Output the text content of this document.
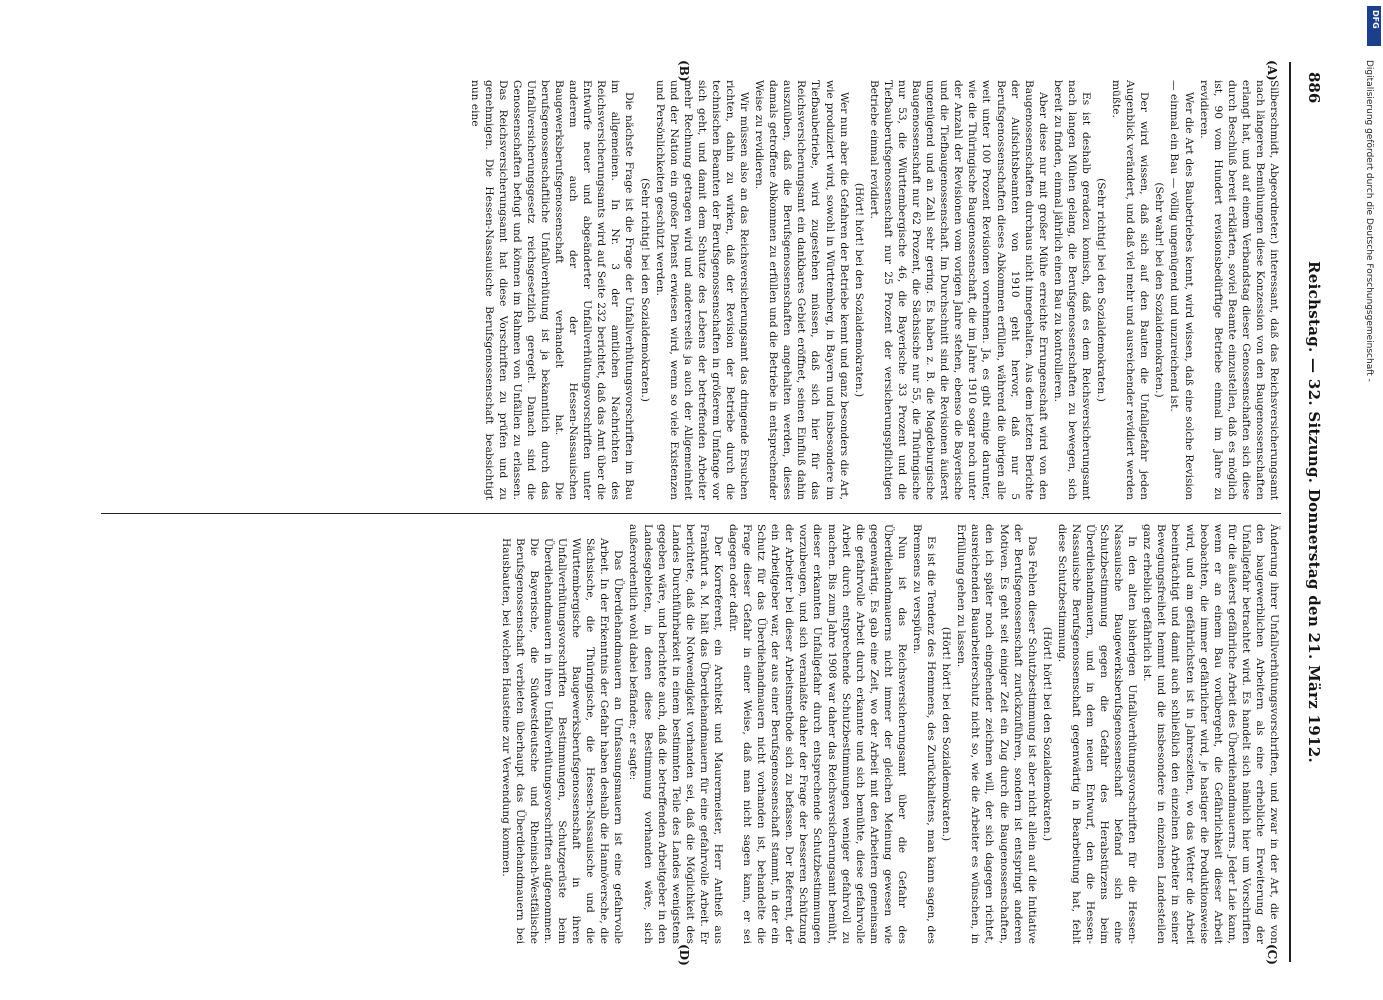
886
Reichstag. — 32. Sitzung. Donnerstag den 21. März 1912.
(A)
(B)
(C)
(D)

Silberschmidt, Abgeordneter.) interessant, daß das Reichsversicherungsamt nach längeren Bemühungen diese Konzession von den Baugenossenschaften erlangt hat, und auf einem Verbandstag dieser Genossenschaften sich diese durch Beschluß bereit erklärten, soviel Beamte einzustellen, daß es möglich ist, 90 vom Hundert revisionsbedürftige Betriebe einmal im Jahre zu revidieren.

Wer die Art des Baubetriebes kennt, wird wissen, daß eine solche Revision — einmal ein Bau — völlig ungenügend und unzureichend ist.

(Sehr wahr! bei den Sozialdemokraten.)

Der wird wissen, daß sich auf den Bauten die Unfallgefahr jeden Augenblick verändert, und daß viel mehr und ausreichender revidiert werden müßte.

(Sehr richtig! bei den Sozialdemokraten.)

Es ist deshalb geradezu komisch, daß es dem Reichsversicherungsamt nach langen Mühen gelang, die Berufsgenossenschaften zu bewegen, sich bereit zu finden, einmal jährlich einen Bau zu kontrollieren.

Aber diese nur mit großer Mühe erreichte Errungenschaft wird von den Baugenossenschaften durchaus nicht innegehalten. Aus dem letzten Berichte der Aufsichtsbeamten von 1910 geht hervor, daß nur 5 Berufsgenossenschaften dieses Abkommen erfüllen, während die übrigen alle weit unter 100 Prozent Revisionen vornehmen. Ja, es gibt einige darunter, wie die Thüringische Baugenossenschaft, die im Jahre 1910 sogar noch unter der Anzahl der Revisionen vom vorigen Jahre stehen, ebenso die Bayerische und die Tiefbaugenossenschaft. Im Durchschnitt sind die Revisionen äußerst ungenügend und an Zahl sehr gering. Es haben z. B. die Magdeburgische Baugenossenschaft nur 62 Prozent, die Sächsische nur 55, die Thüringische nur 53, die Württembergische 46, die Bayerische 33 Prozent und die Tiefbauberufsgenossenschaft nur 25 Prozent der versicherungspflichtigen Betriebe einmal revidiert.

(Hört! hört! bei den Sozialdemokraten.)

Wer nun aber die Gefahren der Betriebe kennt und ganz besonders die Art, wie produziert wird, sowohl in Württemberg, in Bayern und insbesondere im Tiefbaubetriebe, wird zugestehen müssen, daß sich hier für das Reichsversicherungsamt ein dankbares Gebiet eröffnet, seinen Einfluß dahin auszuüben, daß die Berufsgenossenschaften angehalten werden, dieses damals getroffene Abkommen zu erfüllen und die Betriebe in entsprechender Weise zu revidieren.

Wir müssen also an das Reichsversicherungsamt das dringende Ersuchen richten, dahin zu wirken, daß der Revision der Betriebe durch die technischen Beamten der Berufsgenossenschaften in größerem Umfange vor sich geht, und damit dem Schutze des Lebens der betreffenden Arbeiter mehr Rechnung getragen wird und andererseits ja auch der Allgemeinheit und der Nation ein großer Dienst erwiesen wird, wenn so viele Existenzen und Persönlichkeiten geschützt werden.

(Sehr richtig! bei den Sozialdemokraten.)

Die nächste Frage ist die Frage der Unfallverhütungsvorschriften im Bau im allgemeinen. In Nr. 3 der amtlichen Nachrichten des Reichsversicherungsamts wird auf Seite 232 berichtet, daß das Amt über die Entwürfe neuer und abgeänderter Unfallverhütungsvorschriften unter anderem auch der der Hessen-Nassauischen Baugewerksberufsgenossenschaft verhandelt hat. Die berufsgenossenschaftliche Unfallverhütung ist ja bekanntlich durch das Unfallversicherungsgesetz reichsgesetzlich geregelt. Danach sind die Genossenschaften befugt und können im Rahmen von Unfällen zu erlassen. Das Reichsversicherungsamt hat diese Vorschriften zu prüfen und zu genehmigen. Die Hessen-Nassauische Berufsgenossenschaft beabsichtigt nun eine

Änderung ihrer Unfallverhütungsvorschriften, und zwar in der Art, die von den baugewerblichen Arbeitern als eine erhebliche Erweiterung der Unfallgefahr betrachtet wird. Es handelt sich nämlich hier um Vorschriften für die äußerst gefährliche Arbeit des Überdiehandmauerns. Jeder Laie kann, wenn er an einem Bau vorübergeht, die Gefährlichkeit dieser Arbeit beobachten, die immer gefährlicher wird, je hastiger die Produktionsweise wird, und am gefährlichsten ist in Jahreszeiten, wo das Wetter die Arbeit beeinträchtigt und damit auch schließlich den einzelnen Arbeiter in seiner Bewegungsfreiheit hemmt und die insbesondere in einzelnen Landesteilen ganz erheblich gefährlich ist.

In den alten bisherigen Unfallverhütungsvorschriften für die Hessen-Nassauische Baugewerksberufsgenossenschaft befand sich eine Schutzbestimmung gegen die Gefahr des Herabstürzens beim Überdiehandmauern, und in dem neuen Entwurf, den die Hessen-Nassauische Berufsgenossenschaft gegenwärtig in Bearbeitung hat, fehlt diese Schutzbestimmung.

(Hört! hört! bei den Sozialdemokraten.)

Das Fehlen dieser Schutzbestimmung ist aber nicht allein auf die Initiative der Berufsgenossenschaft zurückzuführen, sondern ist entspringt anderen Motiven. Es geht seit einiger Zeit ein Zug durch die Baugenossenschaften, den ich später noch eingehender zeichnen will, der sich dagegen richtet, ausreichenden Bauarbeiterschutz nicht so, wie die Arbeiter es wünschen, in Erfüllung gehen zu lassen.

(Hört! hört! bei den Sozialdemokraten.)

Es ist die Tendenz des Hemmens, des Zurückhaltens, man kann sagen, des Bremsens zu verspüren.

Nun ist das Reichsversicherungsamt über die Gefahr des Überdiehandmauerns nicht immer der gleichen Meinung gewesen wie gegenwärtig. Es gab eine Zeit, wo der Arbeit mit den Arbeitern gemeinsam die gefahrvolle Arbeit durch erkannte und sich bemühte, diese gefahrvolle Arbeit durch entsprechende Schutzbestimmungen weniger gefahrvoll zu machen. Bis zum Jahre 1908 war daher das Reichsversicherungsamt bemüht, dieser erkannten Unfallgefahr durch entsprechende Schutzbestimmungen vorzubeugen, und sich veranlaßte daher der Frage der besseren Schützung der Arbeiter bei dieser Arbeitsmethode sich zu befassen. Der Referent, der ein Arbeitgeber war, der aus einer Berufsgenossenschaft stammt, in der ein Schutz für das Überdiehandmauern nicht vorhanden ist, behandelte die Frage dieser Gefahr in einer Weise, daß man nicht sagen kann, er sei dagegen oder dafür.

Der Korreferent, ein Architekt und Maurermeister, Herr Antheß aus Frankfurt a. M. hält das Überdiehandmauern für eine gefahrvolle Arbeit. Er berichtete, daß die Notwendigkeit vorhanden sei, daß die Möglichkeit des Landes Durchführbarkeit in einem bestimmten Teile des Landes wenigstens gegeben wäre, und berichtete auch, daß die betreffenden Arbeitgeber in den Landesgebieten, in denen diese Bestimmung vorhanden wäre, sich außerordentlich wohl dabei befänden; er sagte:

Das Überdiehandmauern an Umfassungsmauern ist eine gefahrvolle Arbeit. In der Erkenntnis der Gefahr haben deshalb die Hannöversche, die Sächsische, die Thüringische, die Hessen-Nassauische und die Württembergische Baugewerksberufsgenossenschaft in ihren Unfallverhütungsvorschriften Bestimmungen, Schutzgerüste beim Überdiehandmauern in ihren Unfallverhütungsvorschriften aufgenommen. Die Bayerische, die Südwestdeutsche und Rheinisch-Westfälische Berufsgenossenschaft verbieten überhaupt das Überdiehandmauern bei Hausbauten, bei welchen Hausteine zur Verwendung kommen.

Digitalisierung gefördert durch die Deutsche Forschungsgemeinschaft -
DFG
